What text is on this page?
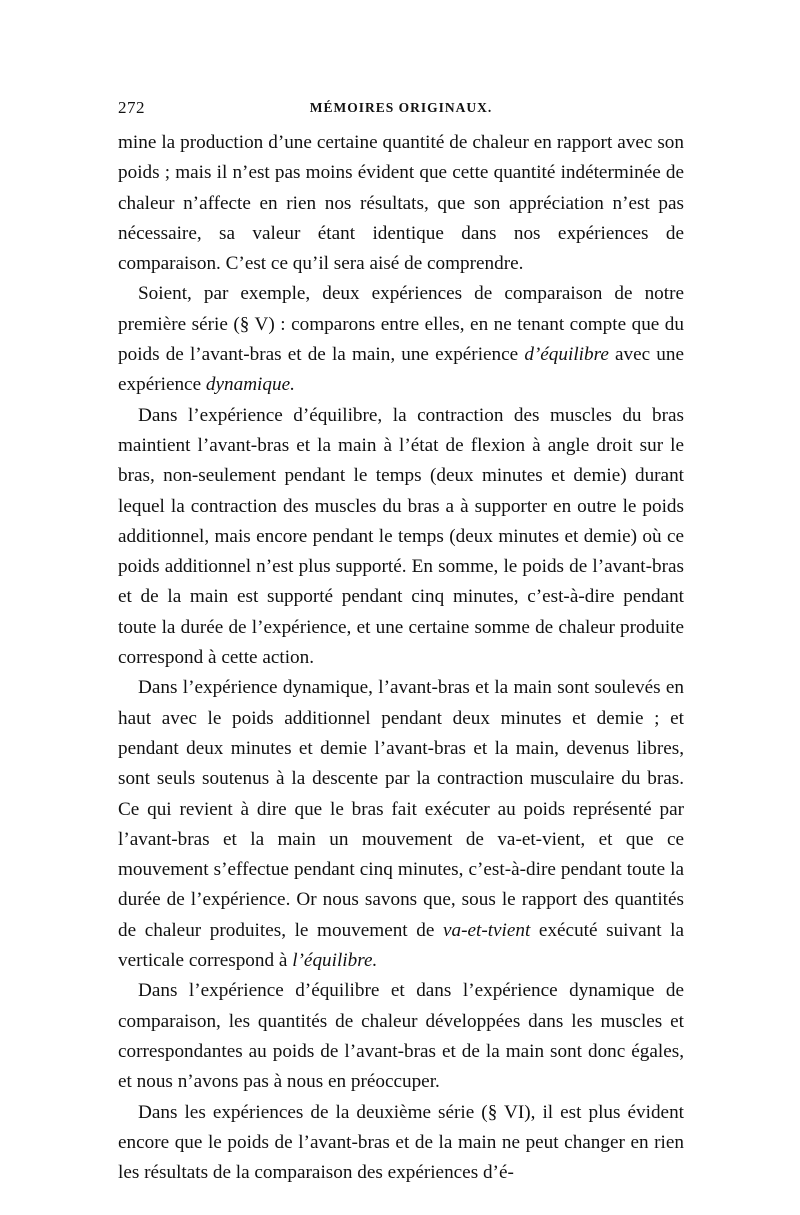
272	MÉMOIRES ORIGINAUX.

mine la production d’une certaine quantité de chaleur en rapport avec son poids ; mais il n’est pas moins évident que cette quantité indéterminée de chaleur n’affecte en rien nos résultats, que son appréciation n’est pas nécessaire, sa valeur étant identique dans nos expériences de comparaison. C’est ce qu’il sera aisé de comprendre.

Soient, par exemple, deux expériences de comparaison de notre première série (§ V) : comparons entre elles, en ne tenant compte que du poids de l’avant-bras et de la main, une expérience d’équilibre avec une expérience dynamique.

Dans l’expérience d’équilibre, la contraction des muscles du bras maintient l’avant-bras et la main à l’état de flexion à angle droit sur le bras, non-seulement pendant le temps (deux minutes et demie) durant lequel la contraction des muscles du bras a à supporter en outre le poids additionnel, mais encore pendant le temps (deux minutes et demie) où ce poids additionnel n’est plus supporté. En somme, le poids de l’avant-bras et de la main est supporté pendant cinq minutes, c’est-à-dire pendant toute la durée de l’expérience, et une certaine somme de chaleur produite correspond à cette action.

Dans l’expérience dynamique, l’avant-bras et la main sont soulevés en haut avec le poids additionnel pendant deux minutes et demie ; et pendant deux minutes et demie l’avant-bras et la main, devenus libres, sont seuls soutenus à la descente par la contraction musculaire du bras. Ce qui revient à dire que le bras fait exécuter au poids représenté par l’avant-bras et la main un mouvement de va-et-vient, et que ce mouvement s’effectue pendant cinq minutes, c’est-à-dire pendant toute la durée de l’expérience. Or nous savons que, sous le rapport des quantités de chaleur produites, le mouvement de va-et-tvient exécuté suivant la verticale correspond à l’équilibre.

Dans l’expérience d’équilibre et dans l’expérience dynamique de comparaison, les quantités de chaleur développées dans les muscles et correspondantes au poids de l’avant-bras et de la main sont donc égales, et nous n’avons pas à nous en préoccuper.

Dans les expériences de la deuxième série (§ VI), il est plus évident encore que le poids de l’avant-bras et de la main ne peut changer en rien les résultats de la comparaison des expériences d’é-
